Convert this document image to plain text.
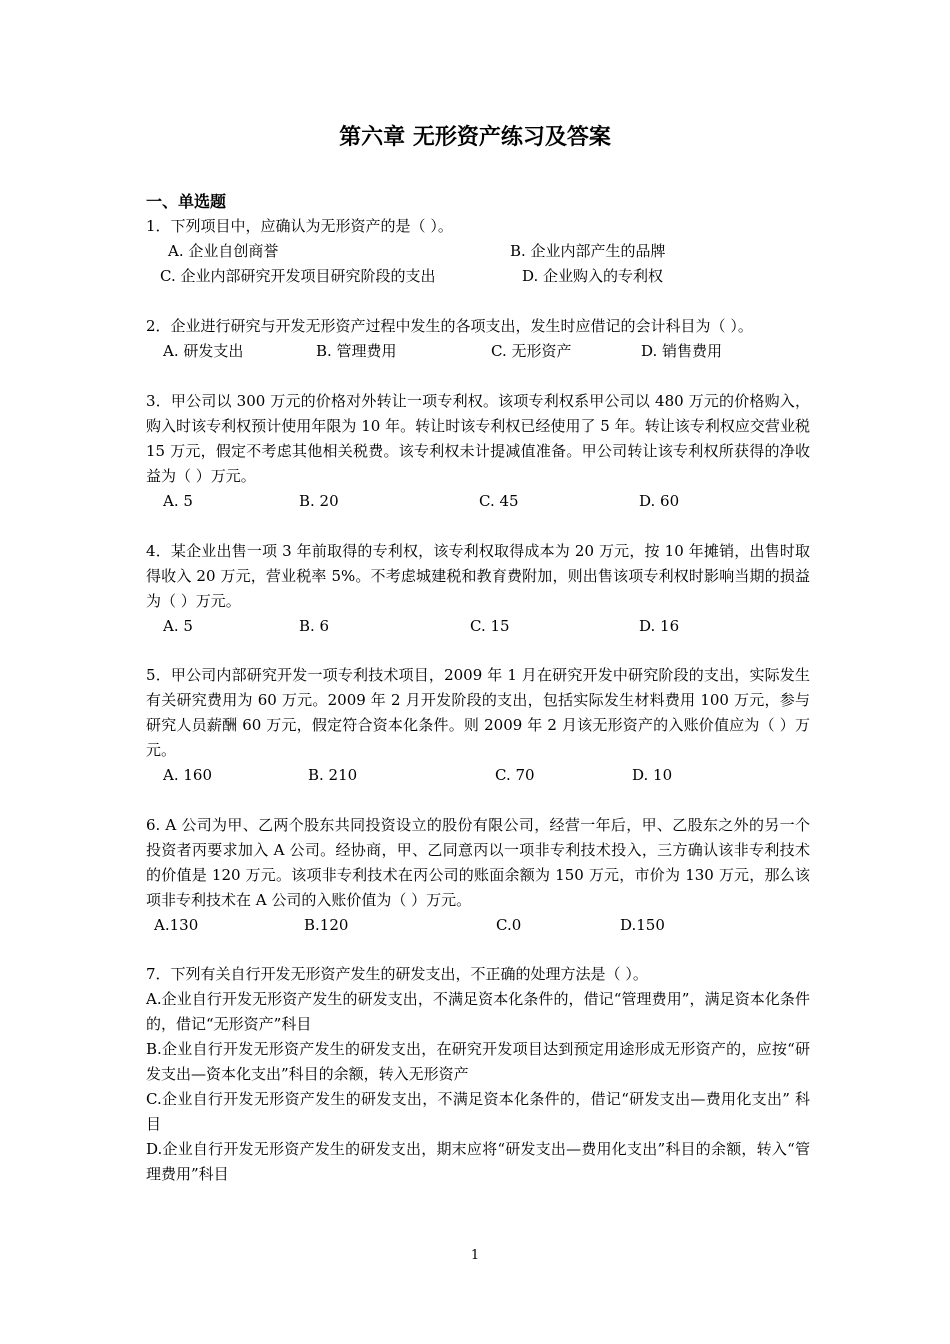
第六章 无形资产练习及答案
一、单选题

1．下列项目中，应确认为无形资产的是（ ）。

A. 企业自创商誉	B. 企业内部产生的品牌
C. 企业内部研究开发项目研究阶段的支出	D. 企业购入的专利权

2．企业进行研究与开发无形资产过程中发生的各项支出，发生时应借记的会计科目为（ ）。

A. 研发支出	B. 管理费用	C. 无形资产	D. 销售费用

3．甲公司以 300 万元的价格对外转让一项专利权。该项专利权系甲公司以 480 万元的价格购入，购入时该专利权预计使用年限为 10 年。转让时该专利权已经使用了 5 年。转让该专利权应交营业税 15 万元，假定不考虑其他相关税费。该专利权未计提减值准备。甲公司转让该专利权所获得的净收益为（ ）万元。

A. 5	B. 20	C. 45	D. 60

4．某企业出售一项 3 年前取得的专利权，该专利权取得成本为 20 万元，按 10 年摊销，出售时取得收入 20 万元，营业税率 5%。不考虑城建税和教育费附加，则出售该项专利权时影响当期的损益为（ ）万元。

A. 5	B. 6	C. 15	D. 16

5．甲公司内部研究开发一项专利技术项目，2009 年 1 月在研究开发中研究阶段的支出，实际发生有关研究费用为 60 万元。2009 年 2 月开发阶段的支出，包括实际发生材料费用 100 万元，参与研究人员薪酬 60 万元，假定符合资本化条件。则 2009 年 2 月该无形资产的入账价值应为（ ）万元。

A. 160	B. 210	C. 70	D. 10

6. A 公司为甲、乙两个股东共同投资设立的股份有限公司，经营一年后，甲、乙股东之外的另一个投资者丙要求加入 A 公司。经协商，甲、乙同意丙以一项非专利技术投入，三方确认该非专利技术的价值是 120 万元。该项非专利技术在丙公司的账面余额为 150 万元，市价为 130 万元，那么该项非专利技术在 A 公司的入账价值为（ ）万元。

A.130	B.120	C.0	D.150

7．下列有关自行开发无形资产发生的研发支出，不正确的处理方法是（ ）。

A.企业自行开发无形资产发生的研发支出，不满足资本化条件的，借记“管理费用”，满足资本化条件的，借记“无形资产”科目

B.企业自行开发无形资产发生的研发支出，在研究开发项目达到预定用途形成无形资产的，应按“研发支出—资本化支出”科目的余额，转入无形资产

C.企业自行开发无形资产发生的研发支出，不满足资本化条件的，借记“研发支出—费用化支出” 科目

D.企业自行开发无形资产发生的研发支出，期末应将“研发支出—费用化支出”科目的余额，转入“管理费用”科目

1
